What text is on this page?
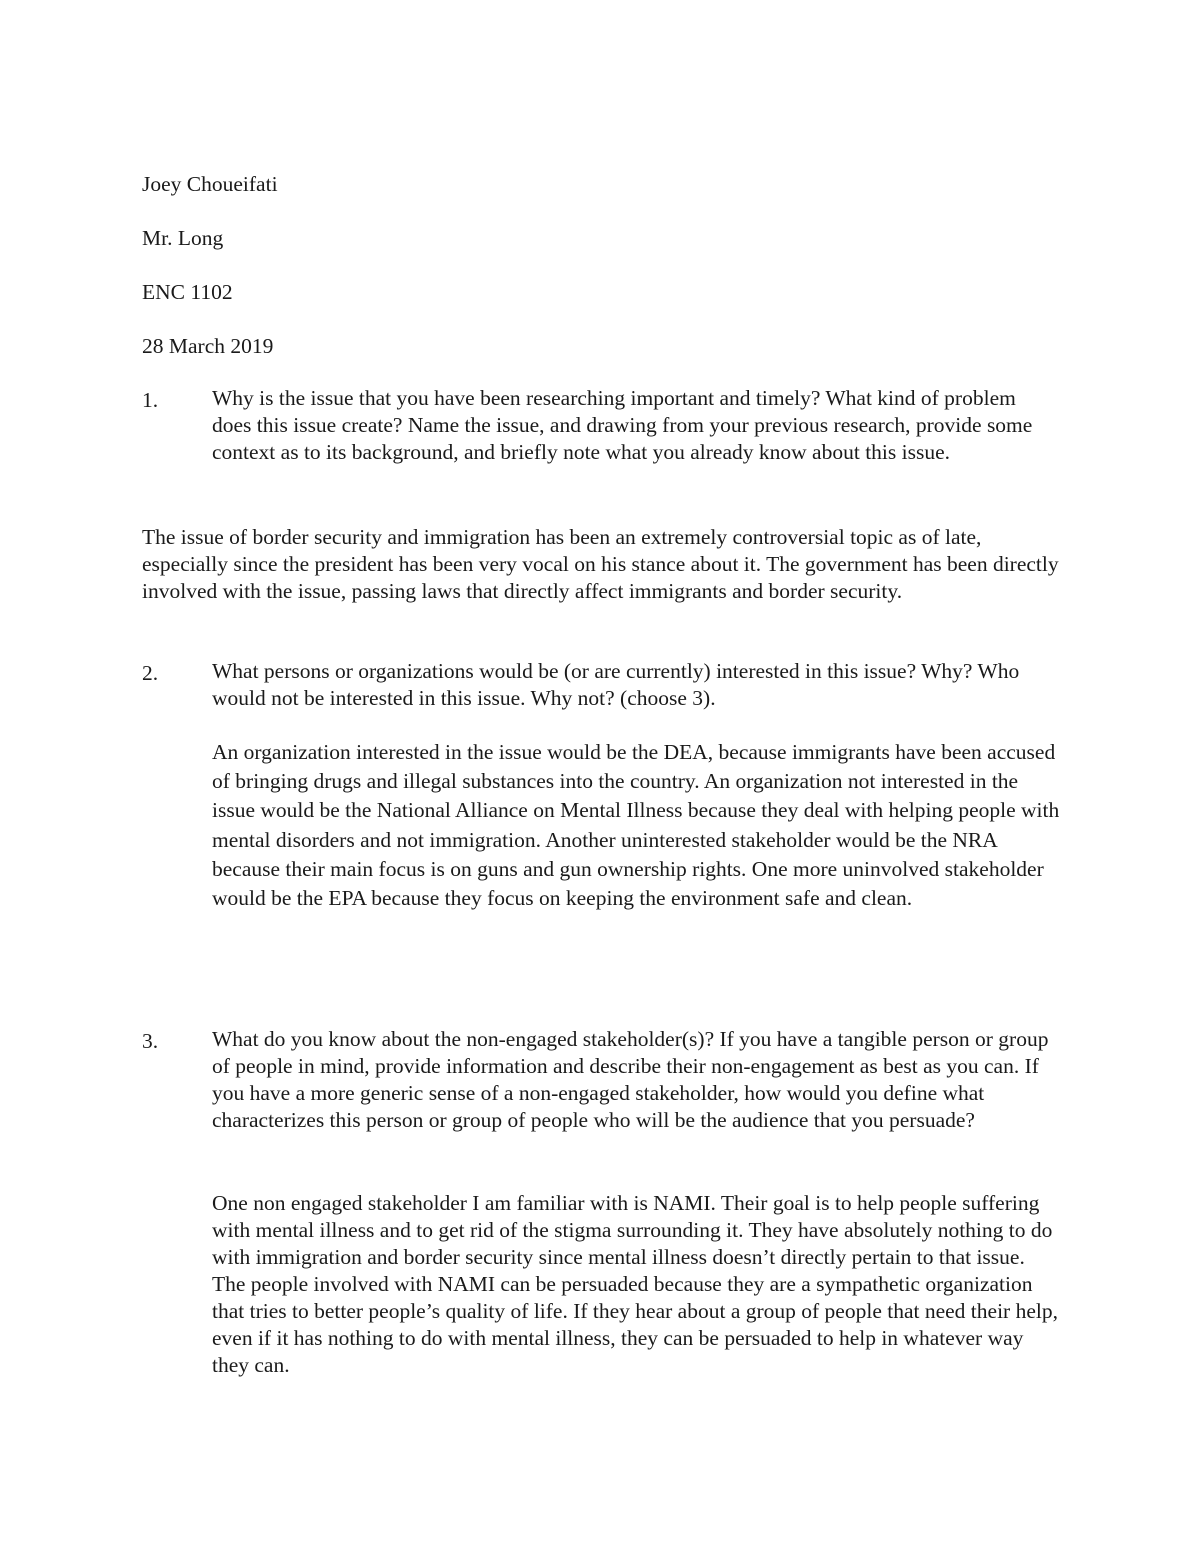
Joey Choueifati
Mr. Long
ENC 1102
28 March 2019
1.	Why is the issue that you have been researching important and timely? What kind of problem does this issue create? Name the issue, and drawing from your previous research, provide some context as to its background, and briefly note what you already know about this issue.
The issue of border security and immigration has been an extremely controversial topic as of late, especially since the president has been very vocal on his stance about it. The government has been directly involved with the issue, passing laws that directly affect immigrants and border security.
2.	What persons or organizations would be (or are currently) interested in this issue? Why? Who would not be interested in this issue. Why not? (choose 3).
An organization interested in the issue would be the DEA, because immigrants have been accused of bringing drugs and illegal substances into the country. An organization not interested in the issue would be the National Alliance on Mental Illness because they deal with helping people with mental disorders and not immigration. Another uninterested stakeholder would be the NRA because their main focus is on guns and gun ownership rights. One more uninvolved stakeholder would be the EPA because they focus on keeping the environment safe and clean.
3.	What do you know about the non-engaged stakeholder(s)? If you have a tangible person or group of people in mind, provide information and describe their non-engagement as best as you can. If you have a more generic sense of a non-engaged stakeholder, how would you define what characterizes this person or group of people who will be the audience that you persuade?
One non engaged stakeholder I am familiar with is NAMI. Their goal is to help people suffering with mental illness and to get rid of the stigma surrounding it. They have absolutely nothing to do with immigration and border security since mental illness doesn’t directly pertain to that issue. The people involved with NAMI can be persuaded because they are a sympathetic organization that tries to better people’s quality of life. If they hear about a group of people that need their help, even if it has nothing to do with mental illness, they can be persuaded to help in whatever way they can.
